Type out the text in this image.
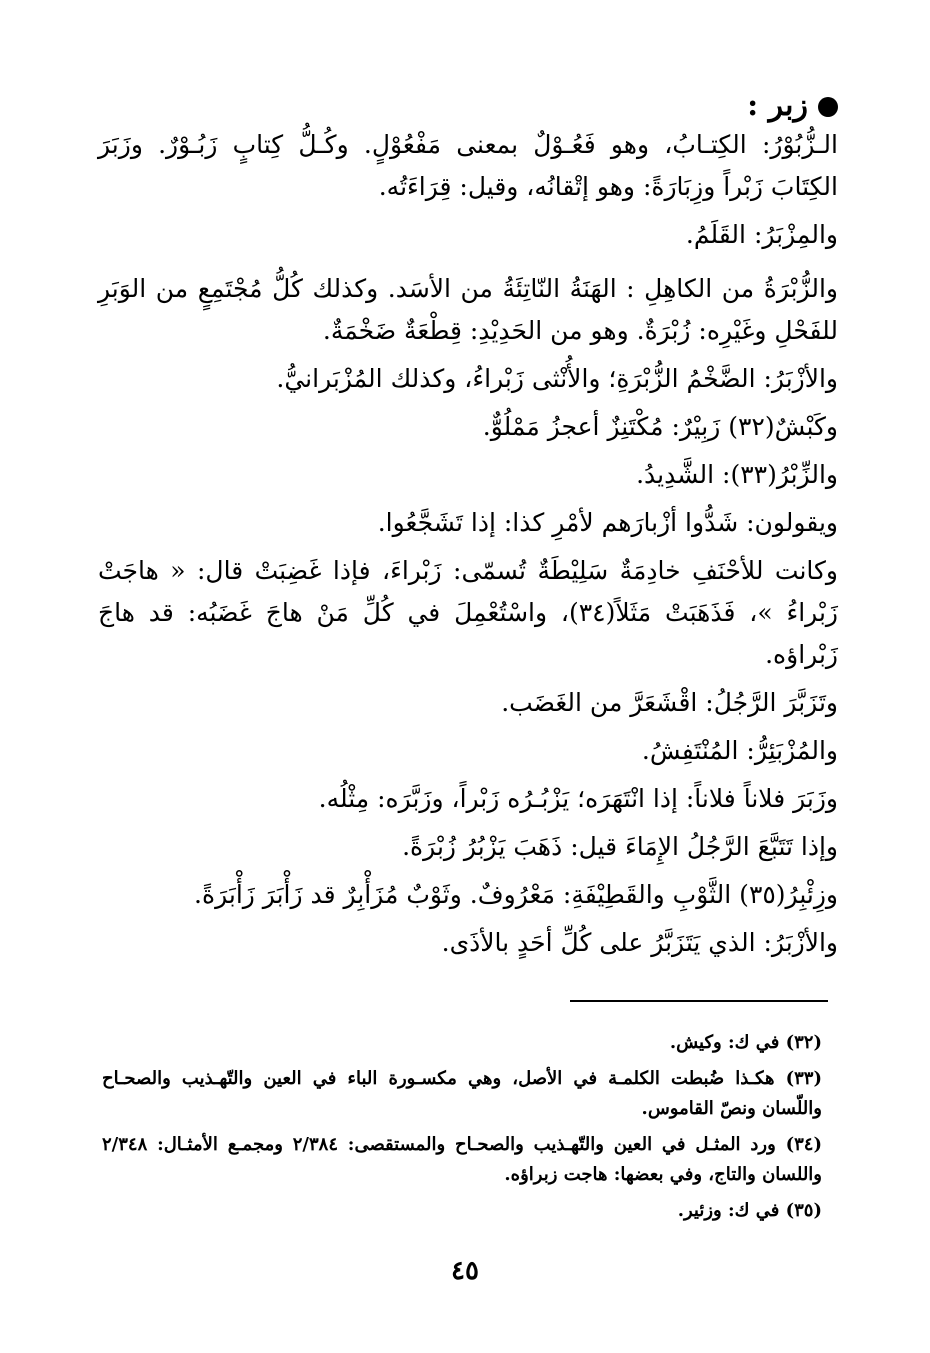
زبر :

الـزُّبُوْرُ: الكِتـابُ، وهو فَعُـوْلٌ بمعنى مَفْعُوْلٍ. وكُـلُّ كِتابٍ زَبُـوْرٌ. وزَبَرَ الكِتَابَ زَبْراً وزِبَارَةً: وهو إتْقانُه، وقيل: قِرَاءَتُه.

والمِزْبَرُ: القَلَمُ.

والزُّبْرَةُ من الكاهِلِ : الهَنَةُ النّاتِئَةُ من الأسَد. وكذلك كُلُّ مُجْتَمِعٍ من الوَبَرِ للفَحْلِ وغَيْرِه: زُبْرَةٌ. وهو من الحَدِيْدِ: قِطْعَةٌ ضَخْمَةٌ.

والأزْبَرُ: الضَّخْمُ الزُّبْرَةِ؛ والأُنْثى زَبْراءُ، وكذلك المُزْبَرانيُّ.

وكَبْشٌ(٣٢) زَبِيْرٌ: مُكْتَنِزٌ أعجزُ مَمْلُوٌّ.

والزِّبْرُ(٣٣): الشَّدِيدُ.

ويقولون: شَدُّوا أزْبارَهم لأمْرِ كذا: إذا تَشَجَّعُوا.

وكانت للأحْنَفِ خادِمَةٌ سَلِيْطَةٌ تُسمّى: زَبْراءَ، فإذا غَضِبَتْ قال: « هاجَتْ زَبْراءُ »، فَذَهَبَتْ مَثَلاً(٣٤)، واسْتُعْمِلَ في كُلِّ مَنْ هاجَ غَضَبُه: قد هاجَ زَبْراؤه.

وتَزَبَّرَ الرَّجُلُ: اقْشَعَرَّ من الغَضَب.

والمُزْبَئِرُّ: المُنْتَفِشُ.

وزَبَرَ فلاناً فلاناً: إذا انْتَهَرَه؛ يَزْبُـرُه زَبْراً، وزَبَّرَه: مِثْلُه.

وإذا تَتَبَّعَ الرَّجُلُ الإِمَاءَ قيل: ذَهَبَ يَزْبُرُ زُبْرَةً.

وزِئْبِرُ(٣٥) الثَّوْبِ والقَطِيْفَةِ: مَعْرُوفٌ. وثَوْبٌ مُزَأْبِرٌ قد زَأْبَرَ زَأْبَرَةً.

والأزْبَرُ: الذي يَتَزَبَّرُ على كُلِّ أحَدٍ بالأذَى.

(٣٢) في ك: وكيش.

(٣٣) هكـذا ضُبطت الكلمـة في الأصل، وهي مكسـورة الباء في العين والتّهـذيب والصحـاح واللّسان ونصّ القاموس.

(٣٤) ورد المثـل في العين والتّهـذيب والصحـاح والمستقصى: ٢/٣٨٤ ومجمـع الأمثـال: ٢/٣٤٨ واللسان والتاج، وفي بعضها: هاجت زبراؤه.

(٣٥) في ك: وزئير.

٤٥
